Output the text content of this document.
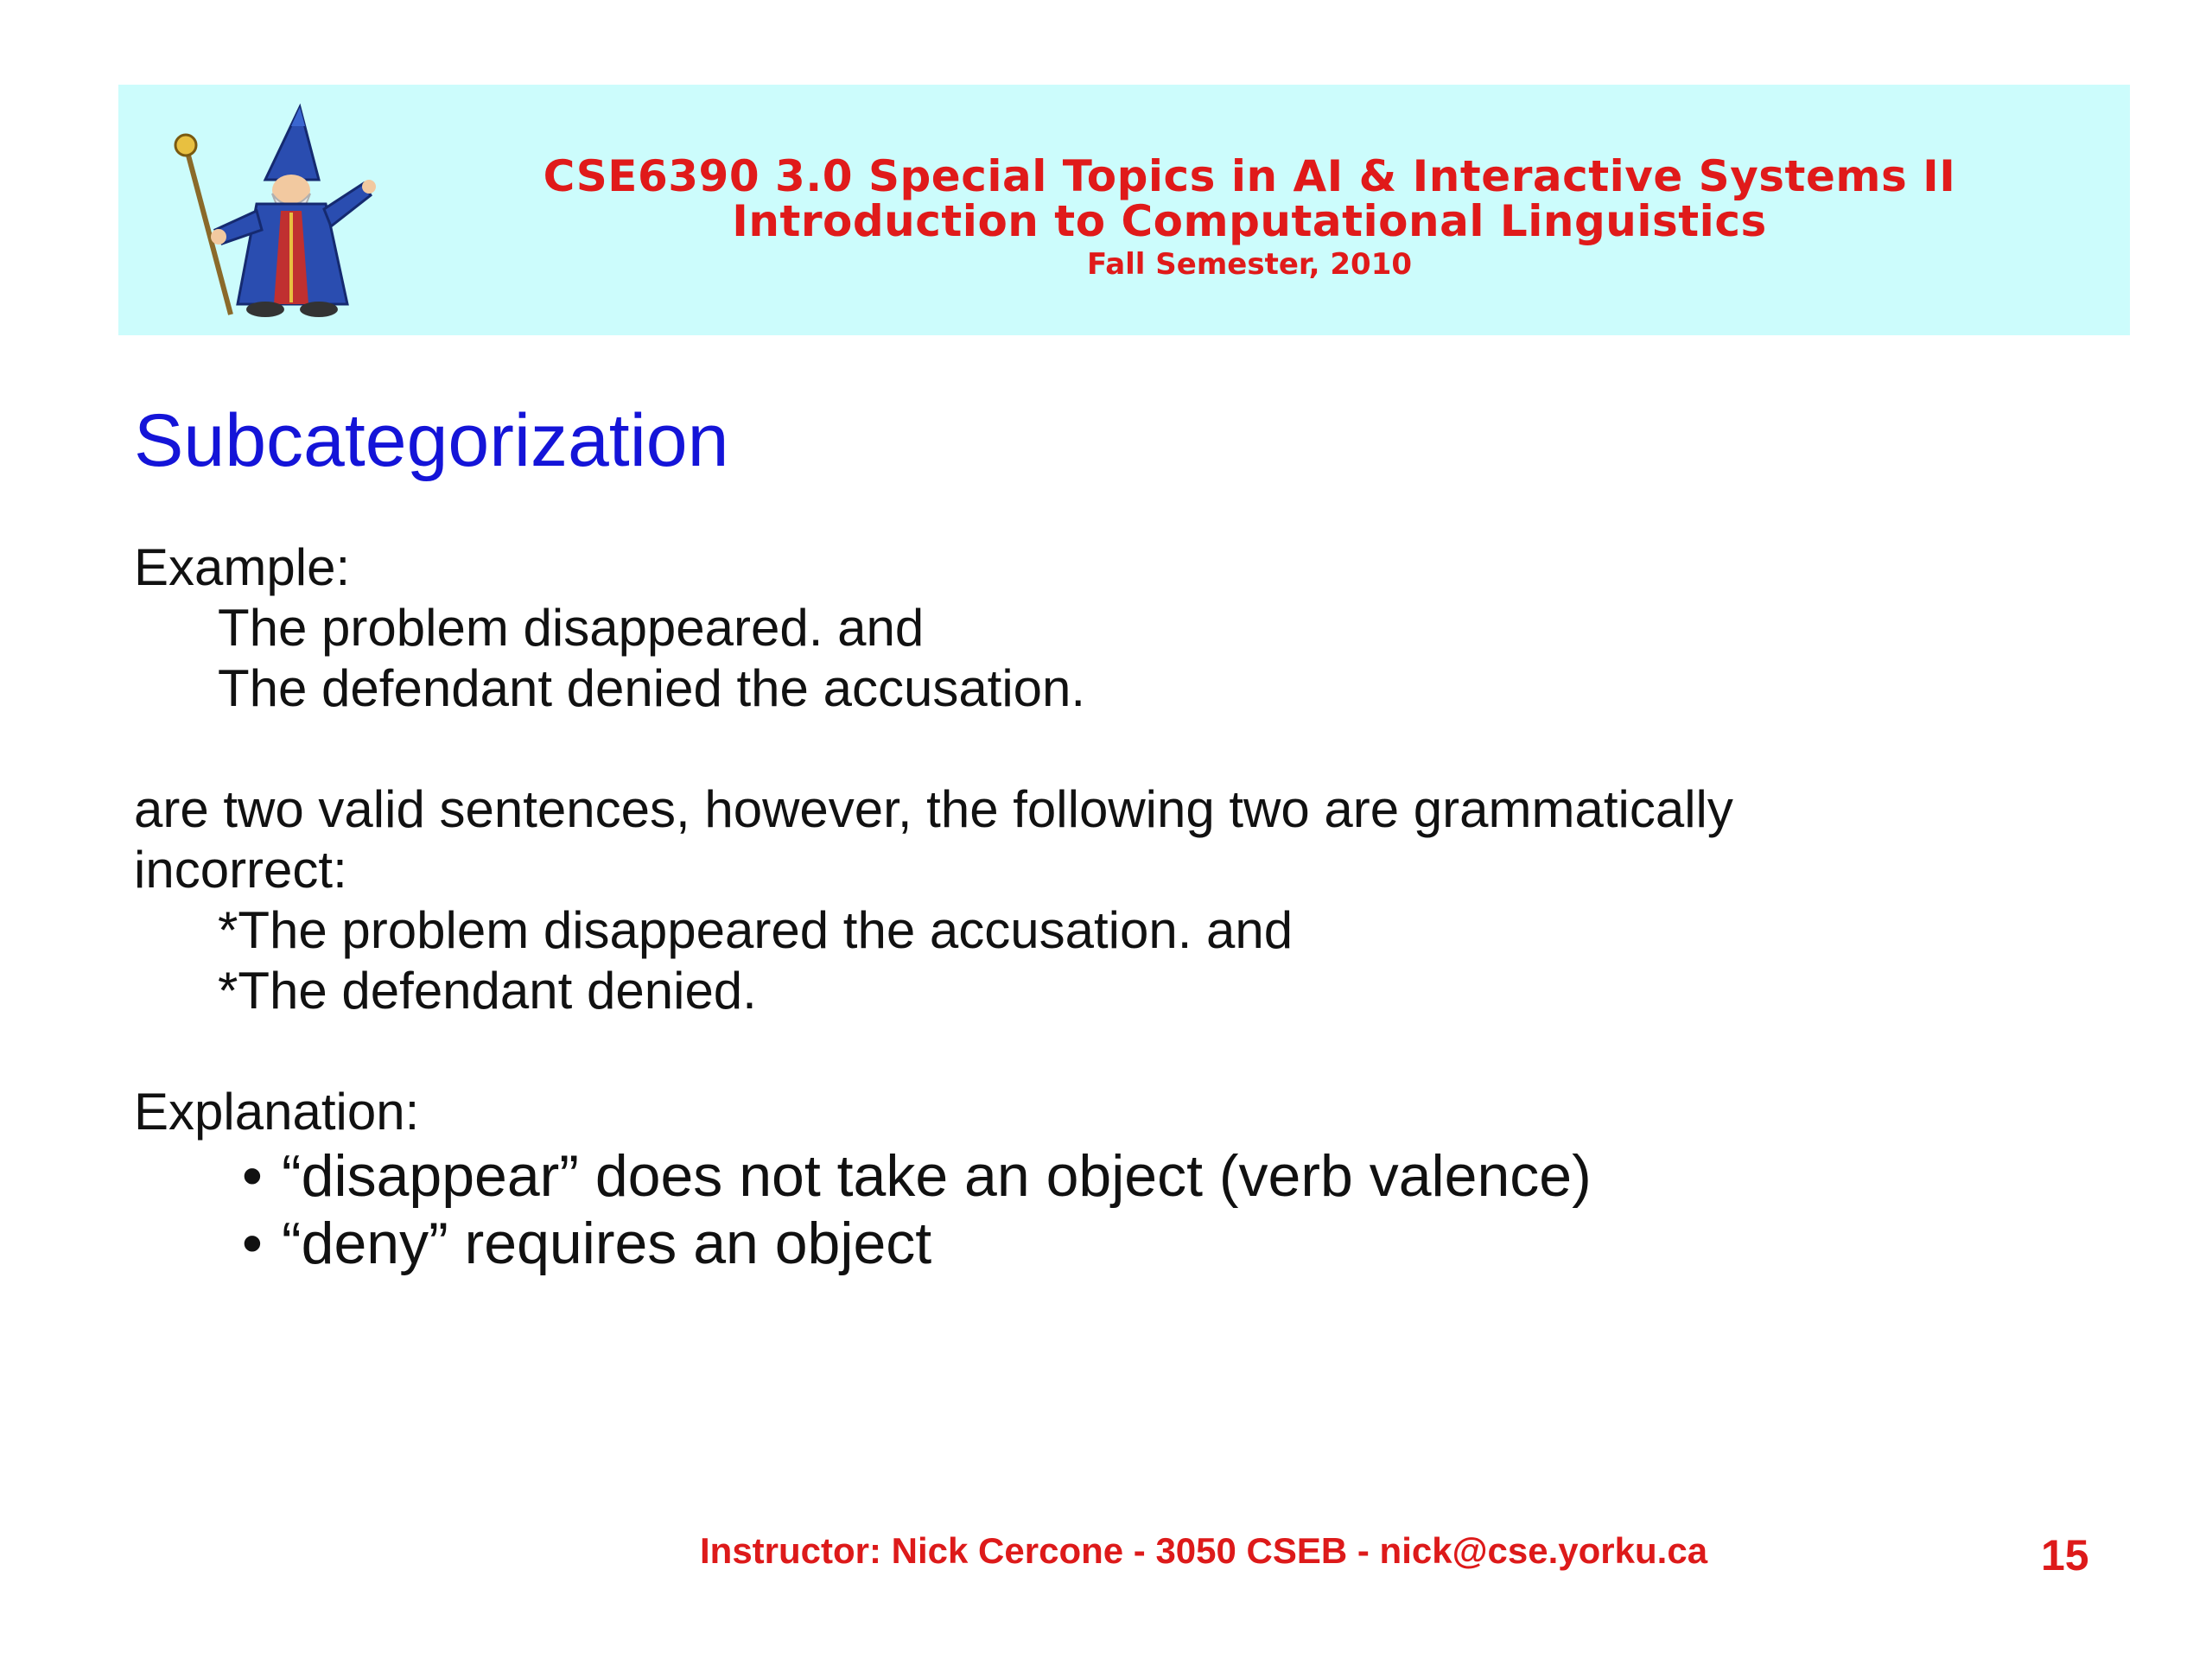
CSE6390 3.0 Special Topics in AI & Interactive Systems II
Introduction to Computational Linguistics
Fall Semester, 2010
Subcategorization
Example:
The problem disappeared. and
The defendant denied the accusation.
are two valid sentences, however, the following two are grammatically
incorrect:
*The problem disappeared the accusation. and
*The defendant denied.
Explanation:
• “disappear” does not take an object (verb valence)
• “deny” requires an object
Instructor: Nick Cercone - 3050 CSEB - nick@cse.yorku.ca	15
